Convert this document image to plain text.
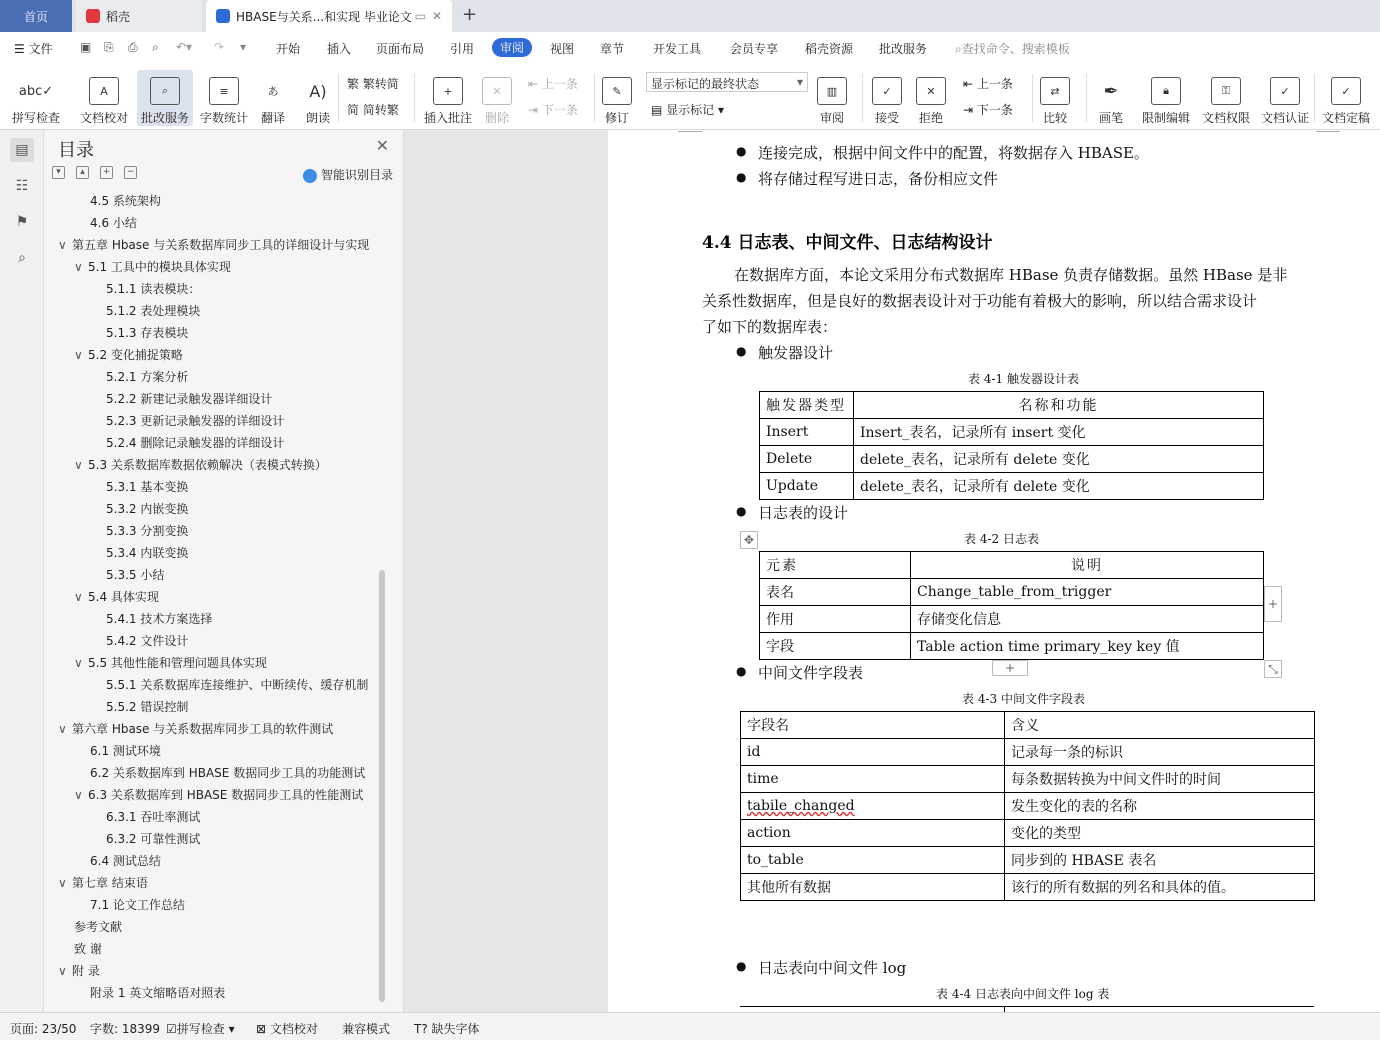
首页	稻壳	HBASE与关系...和实现 毕业论文 ▭ ✕ +
☰ 文件 ▣ ⎘ ⎙ ⌕ ↶▾ ↷ ▾ 开始 插入 页面布局 引用	审阅	视图 章节 开发工具 会员专享 稻壳资源 批改服务 ⌕查找命令、搜索模板
abc✓
拼写检查
A
文档校对
⌕
批改服务
≡
字数统计
あ
翻译
A)
朗读
繁 繁转简
简 简转繁
+
插入批注
✕
删除
⇤ 上一条
⇥ 下一条
✎
修订
显示标记的最终状态	▾
▤ 显示标记 ▾
▥
审阅
✓
接受
✕
拒绝
⇤ 上一条
⇥ 下一条
⇄
比较
✒
画笔
🔒︎
限制编辑
⚿
文档权限
✓
文档认证
✓
文档定稿
▤
☷
⚑
⌕
目录	✕
▾	▴	+	−	智能识别目录
4.5 系统架构
4.6 小结
∨ 第五章 Hbase 与关系数据库同步工具的详细设计与实现
∨ 5.1 工具中的模块具体实现
5.1.1 读表模块：
5.1.2 表处理模块
5.1.3 存表模块
∨ 5.2 变化捕捉策略
5.2.1 方案分析
5.2.2 新建记录触发器详细设计
5.2.3 更新记录触发器的详细设计
5.2.4 删除记录触发器的详细设计
∨ 5.3 关系数据库数据依赖解决（表模式转换）
5.3.1 基本变换
5.3.2 内嵌变换
5.3.3 分割变换
5.3.4 内联变换
5.3.5 小结
∨ 5.4 具体实现
5.4.1 技术方案选择
5.4.2 文件设计
∨ 5.5 其他性能和管理问题具体实现
5.5.1 关系数据库连接维护、中断续传、缓存机制
5.5.2 错误控制
∨ 第六章 Hbase 与关系数据库同步工具的软件测试
6.1 测试环境
6.2 关系数据库到 HBASE 数据同步工具的功能测试
∨ 6.3 关系数据库到 HBASE 数据同步工具的性能测试
6.3.1 吞吐率测试
6.3.2 可靠性测试
6.4 测试总结
∨ 第七章 结束语
7.1 论文工作总结
参考文献
致 谢
∨ 附 录
附录 1 英文缩略语对照表
● 连接完成，根据中间文件中的配置，将数据存入 HBASE。
● 将存储过程写进日志，备份相应文件
4.4 日志表、中间文件、日志结构设计
在数据库方面，本论文采用分布式数据库 HBase 负责存储数据。虽然 HBase 是非
关系性数据库，但是良好的数据表设计对于功能有着极大的影响，所以结合需求设计
了如下的数据库表：
● 触发器设计
表 4-1 触发器设计表
触发器类型	名称和功能
Insert	Insert_表名，记录所有 insert 变化
Delete	delete_表名，记录所有 delete 变化
Update	delete_表名，记录所有 delete 变化
● 日志表的设计
✥	表 4-2 日志表
元素	说明
表名	Change_table_from_trigger
作用	存储变化信息
字段	Table action time primary_key key 值
+
+	⤡
● 中间文件字段表
表 4-3 中间文件字段表
字段名	含义
id	记录每一条的标识
time	每条数据转换为中间文件时的时间
tabile_changed	发生变化的表的名称
action	变化的类型
to_table	同步到的 HBASE 表名
其他所有数据	该行的所有数据的列名和具体的值。
● 日志表向中间文件 log
表 4-4 日志表向中间文件 log 表
页面: 23/50 字数: 18399 ☑拼写检查 ▾ ⊠ 文档校对 兼容模式 T? 缺失字体
